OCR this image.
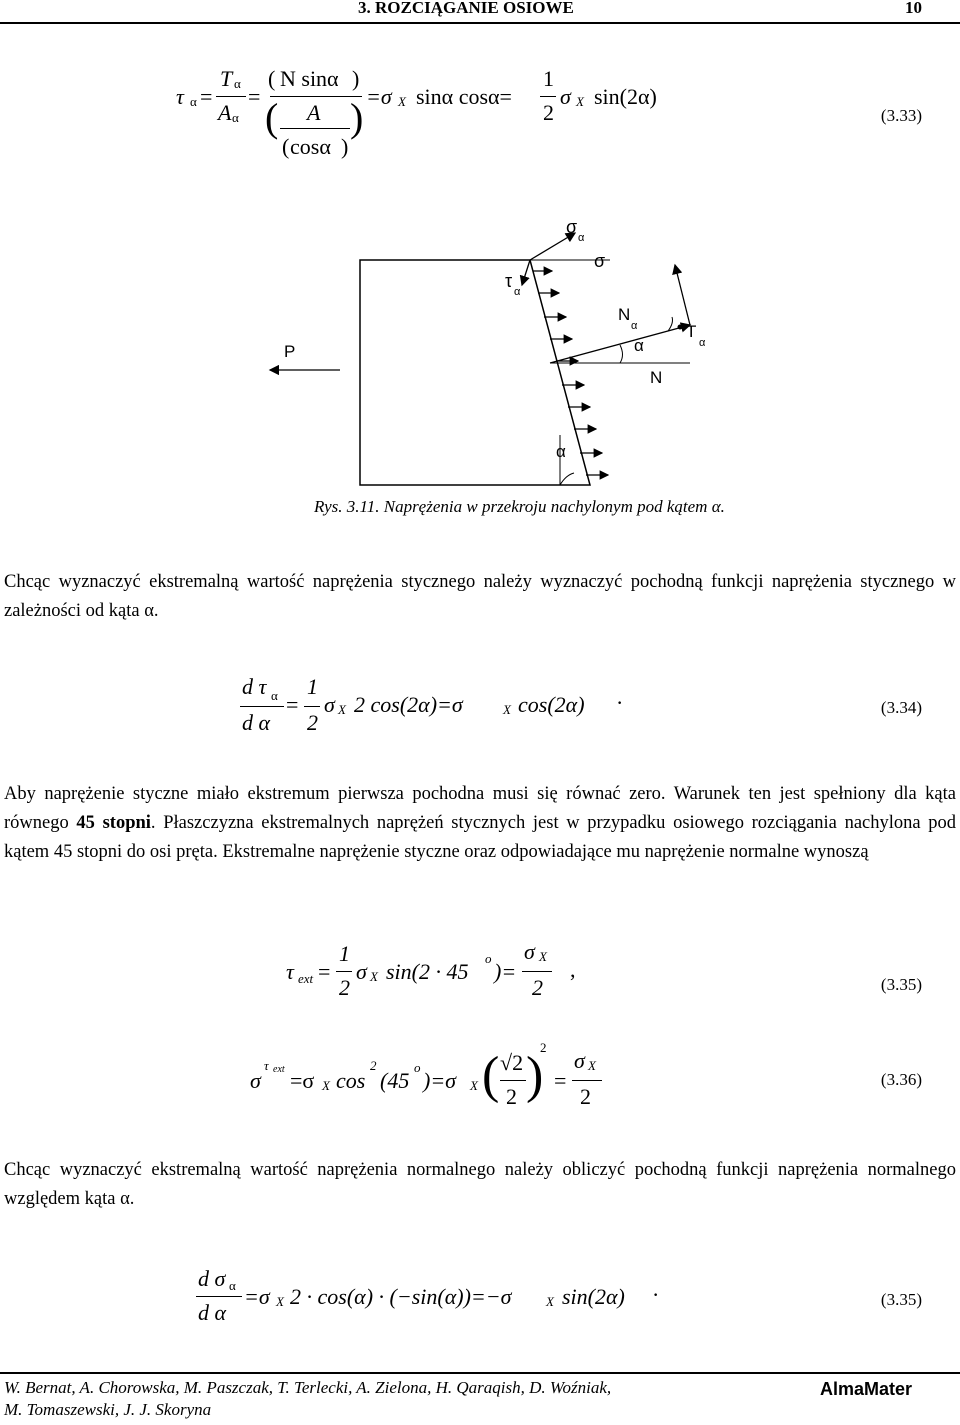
3. ROZCIĄGANIE OSIOWE	10
τ α =
T α
A α
=
( N sinα )
( )
A
( cosα )
=σ X sinα cosα=
1
2
σ X sin(2α)
(3.33)
σ
α
σ
τ
α
P
N
α	T
α
α
N
α
Rys. 3.11. Naprężenia w przekroju nachylonym pod kątem α.
Chcąc wyznaczyć ekstremalną wartość naprężenia stycznego należy wyznaczyć pochodną funkcji naprężenia stycznego w zależności od kąta α.
d τ α
d α
=
1
2
σ X 2 cos(2α)=σ	X cos(2α) ·	(3.34)
Aby naprężenie styczne miało ekstremum pierwsza pochodna musi się równać zero. Warunek ten jest spełniony dla kąta równego 45 stopni. Płaszczyzna ekstremalnych naprężeń stycznych jest w przypadku osiowego rozciągania nachylona pod kątem 45 stopni do osi pręta. Ekstremalne naprężenie styczne oraz odpowiadające mu naprężenie normalne wynoszą
τ ext =
1
2
σ X sin(2 · 45
o
)=
σ X
2
,
(3.35)
σ
τ ext =σ X cos
2
(45
o
)=σ X ( √2
2 )
2
=
σ X
2
(3.36)
Chcąc wyznaczyć ekstremalną wartość naprężenia normalnego należy obliczyć pochodną funkcji naprężenia normalnego względem kąta α.
d σ α
d α
=σ X 2 · cos(α) · (−sin(α))=−σ	X sin(2α) ·	(3.35)
W. Bernat, A. Chorowska, M. Paszczak, T. Terlecki, A. Zielona, H. Qaraqish, D. Woźniak,
M. Tomaszewski, J. J. Skoryna
AlmaMater
